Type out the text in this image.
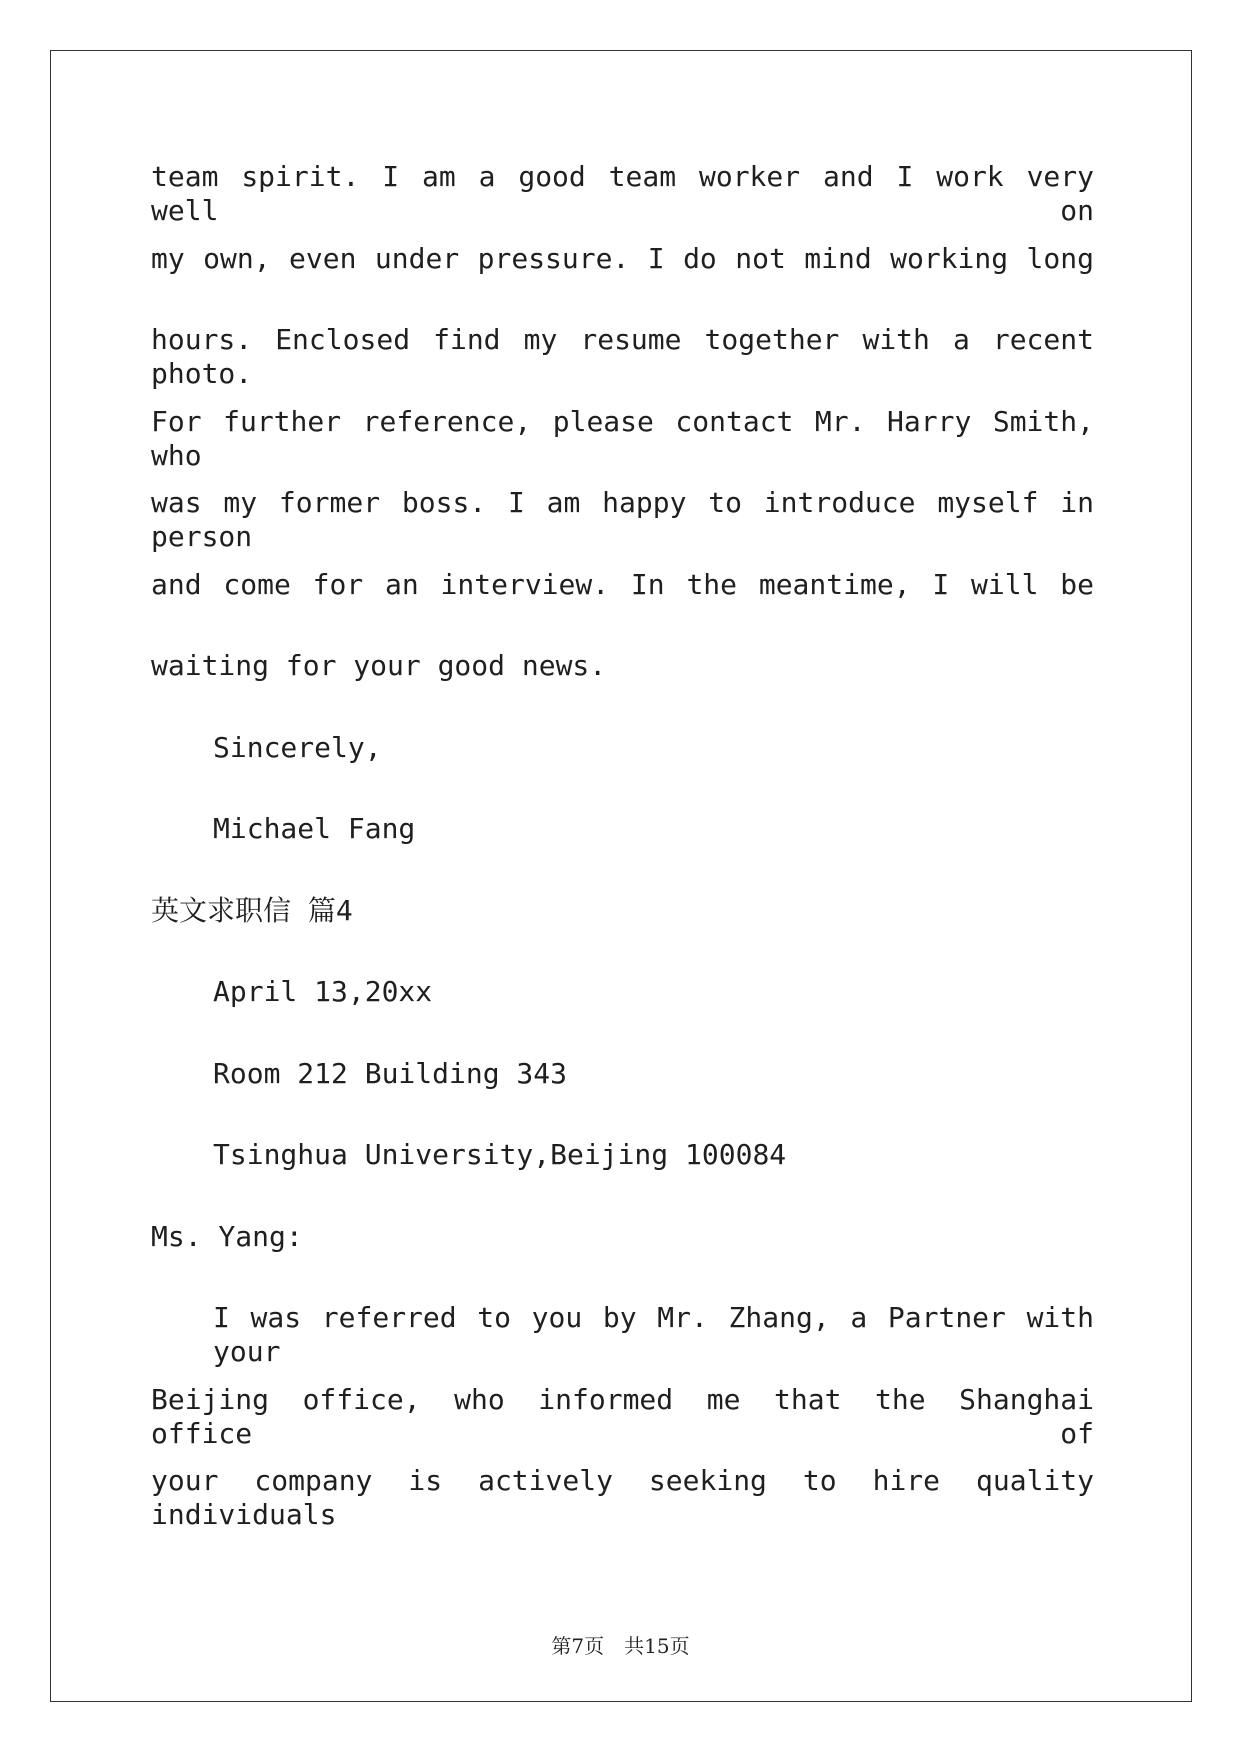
team spirit. I am a good team worker and I work very well on
my own, even under pressure. I do not mind working long
hours. Enclosed find my resume together with a recent photo.
For further reference, please contact Mr. Harry Smith, who
was my former boss. I am happy to introduce myself in person
and come for an interview. In the meantime, I will be
waiting for your good news.
Sincerely,
Michael Fang
英文求职信 篇4
April 13,20xx
Room 212 Building 343
Tsinghua University,Beijing 100084
Ms. Yang:
I was referred to you by Mr. Zhang, a Partner with your
Beijing office, who informed me that the Shanghai office of
your company is actively seeking to hire quality individuals
第7页　共15页
